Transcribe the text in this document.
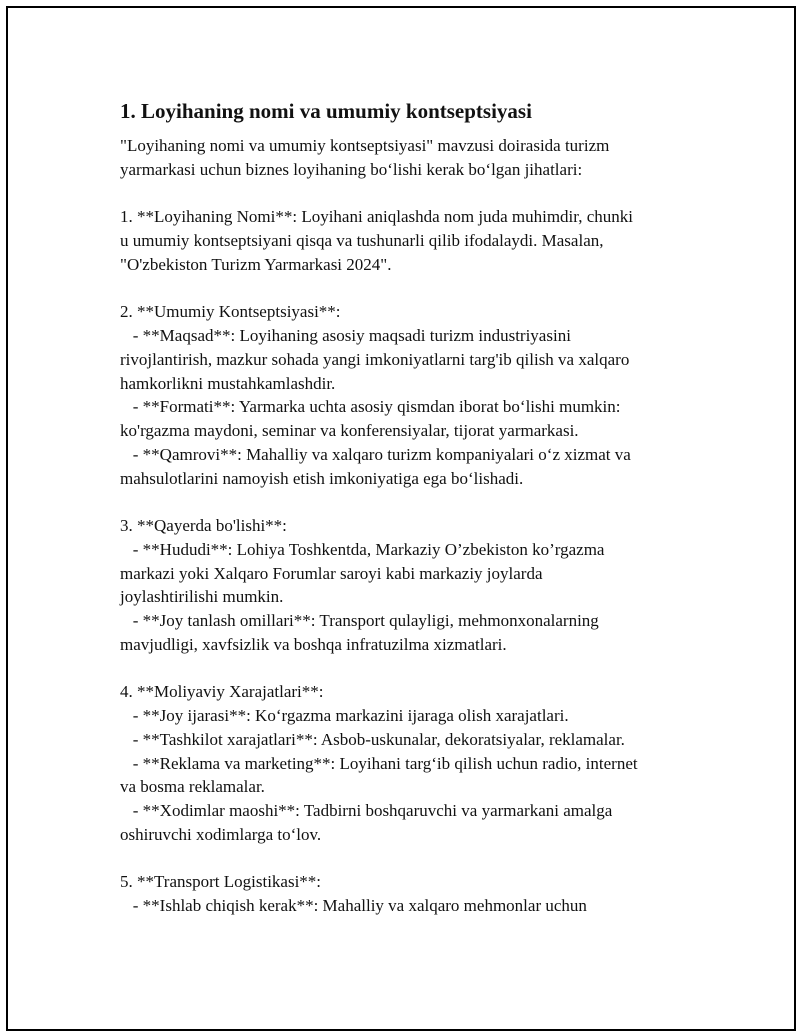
1. Loyihaning nomi va umumiy kontseptsiyasi
"Loyihaning nomi va umumiy kontseptsiyasi" mavzusi doirasida turizm
yarmarkasi uchun biznes loyihaning bo‘lishi kerak bo‘lgan jihatlari:
1. **Loyihaning Nomi**: Loyihani aniqlashda nom juda muhimdir, chunki
u umumiy kontseptsiyani qisqa va tushunarli qilib ifodalaydi. Masalan,
"O'zbekiston Turizm Yarmarkasi 2024".
2. **Umumiy Kontseptsiyasi**:
- **Maqsad**: Loyihaning asosiy maqsadi turizm industriyasini
rivojlantirish, mazkur sohada yangi imkoniyatlarni targ'ib qilish va xalqaro
hamkorlikni mustahkamlashdir.
- **Formati**: Yarmarka uchta asosiy qismdan iborat bo‘lishi mumkin:
ko'rgazma maydoni, seminar va konferensiyalar, tijorat yarmarkasi.
- **Qamrovi**: Mahalliy va xalqaro turizm kompaniyalari o‘z xizmat va
mahsulotlarini namoyish etish imkoniyatiga ega bo‘lishadi.
3. **Qayerda bo'lishi**:
- **Hududi**: Lohiya Toshkentda, Markaziy O’zbekiston ko’rgazma
markazi yoki Xalqaro Forumlar saroyi kabi markaziy joylarda
joylashtirilishi mumkin.
- **Joy tanlash omillari**: Transport qulayligi, mehmonxonalarning
mavjudligi, xavfsizlik va boshqa infratuzilma xizmatlari.
4. **Moliyaviy Xarajatlari**:
- **Joy ijarasi**: Ko‘rgazma markazini ijaraga olish xarajatlari.
- **Tashkilot xarajatlari**: Asbob-uskunalar, dekoratsiyalar, reklamalar.
- **Reklama va marketing**: Loyihani targ‘ib qilish uchun radio, internet
va bosma reklamalar.
- **Xodimlar maoshi**: Tadbirni boshqaruvchi va yarmarkani amalga
oshiruvchi xodimlarga to‘lov.
5. **Transport Logistikasi**:
- **Ishlab chiqish kerak**: Mahalliy va xalqaro mehmonlar uchun
